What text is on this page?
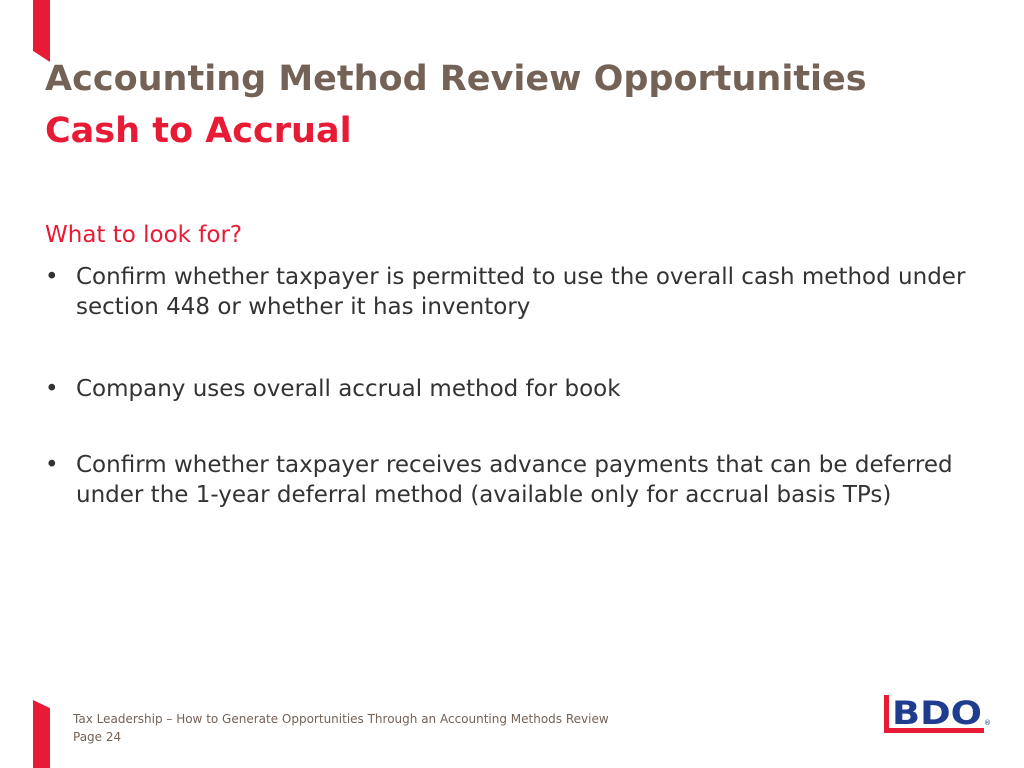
Accounting Method Review Opportunities
Cash to Accrual
What to look for?
• Confirm whether taxpayer is permitted to use the overall cash method under section 448 or whether it has inventory
• Company uses overall accrual method for book
• Confirm whether taxpayer receives advance payments that can be deferred under the 1-year deferral method (available only for accrual basis TPs)
Tax Leadership – How to Generate Opportunities Through an Accounting Methods Review
Page 24
BDO ®
